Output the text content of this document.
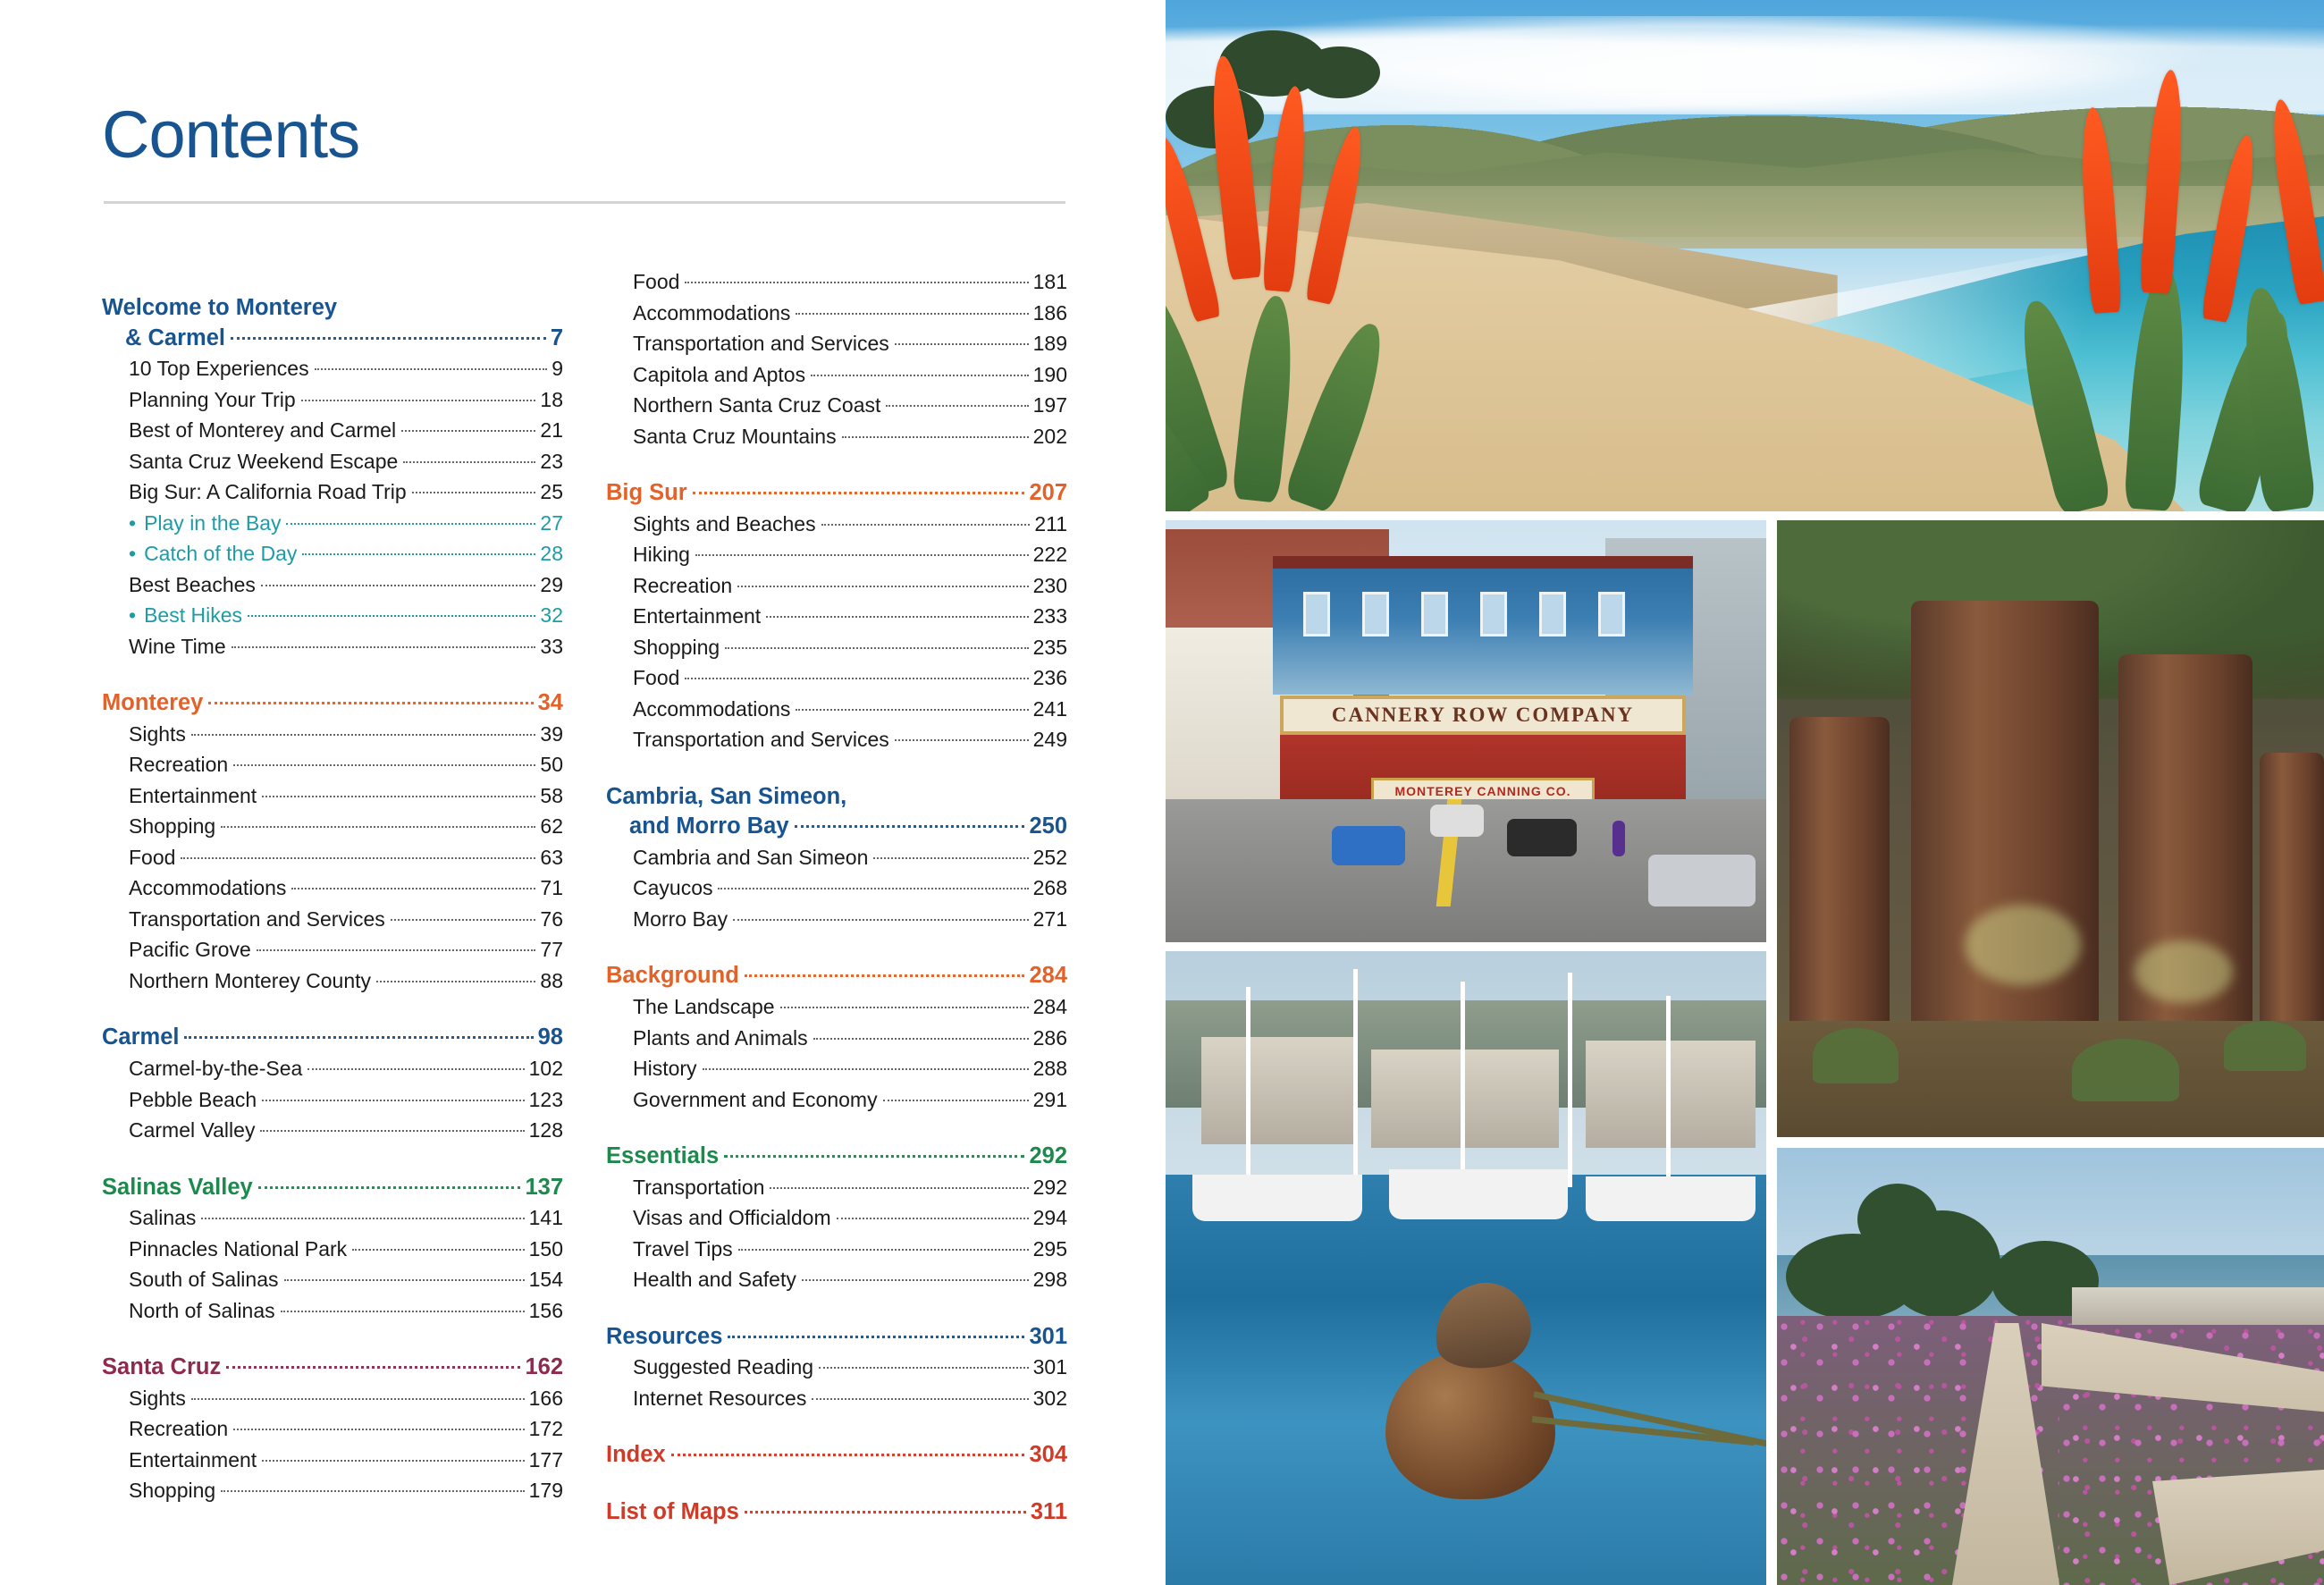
Contents
Welcome to Monterey
& Carmel	7
10 Top Experiences	9
Planning Your Trip	18
Best of Monterey and Carmel	21
Santa Cruz Weekend Escape	23
Big Sur: A California Road Trip	25
• Play in the Bay	27
• Catch of the Day	28
Best Beaches	29
• Best Hikes	32
Wine Time	33
Monterey	34
Sights	39
Recreation	50
Entertainment	58
Shopping	62
Food	63
Accommodations	71
Transportation and Services	76
Pacific Grove	77
Northern Monterey County	88
Carmel	98
Carmel-by-the-Sea	102
Pebble Beach	123
Carmel Valley	128
Salinas Valley	137
Salinas	141
Pinnacles National Park	150
South of Salinas	154
North of Salinas	156
Santa Cruz	162
Sights	166
Recreation	172
Entertainment	177
Shopping	179
Food	181
Accommodations	186
Transportation and Services	189
Capitola and Aptos	190
Northern Santa Cruz Coast	197
Santa Cruz Mountains	202
Big Sur	207
Sights and Beaches	211
Hiking	222
Recreation	230
Entertainment	233
Shopping	235
Food	236
Accommodations	241
Transportation and Services	249
Cambria, San Simeon,
and Morro Bay	250
Cambria and San Simeon	252
Cayucos	268
Morro Bay	271
Background	284
The Landscape	284
Plants and Animals	286
History	288
Government and Economy	291
Essentials	292
Transportation	292
Visas and Officialdom	294
Travel Tips	295
Health and Safety	298
Resources	301
Suggested Reading	301
Internet Resources	302
Index	304
List of Maps	311
CANNERY ROW COMPANY
MONTEREY CANNING CO.
